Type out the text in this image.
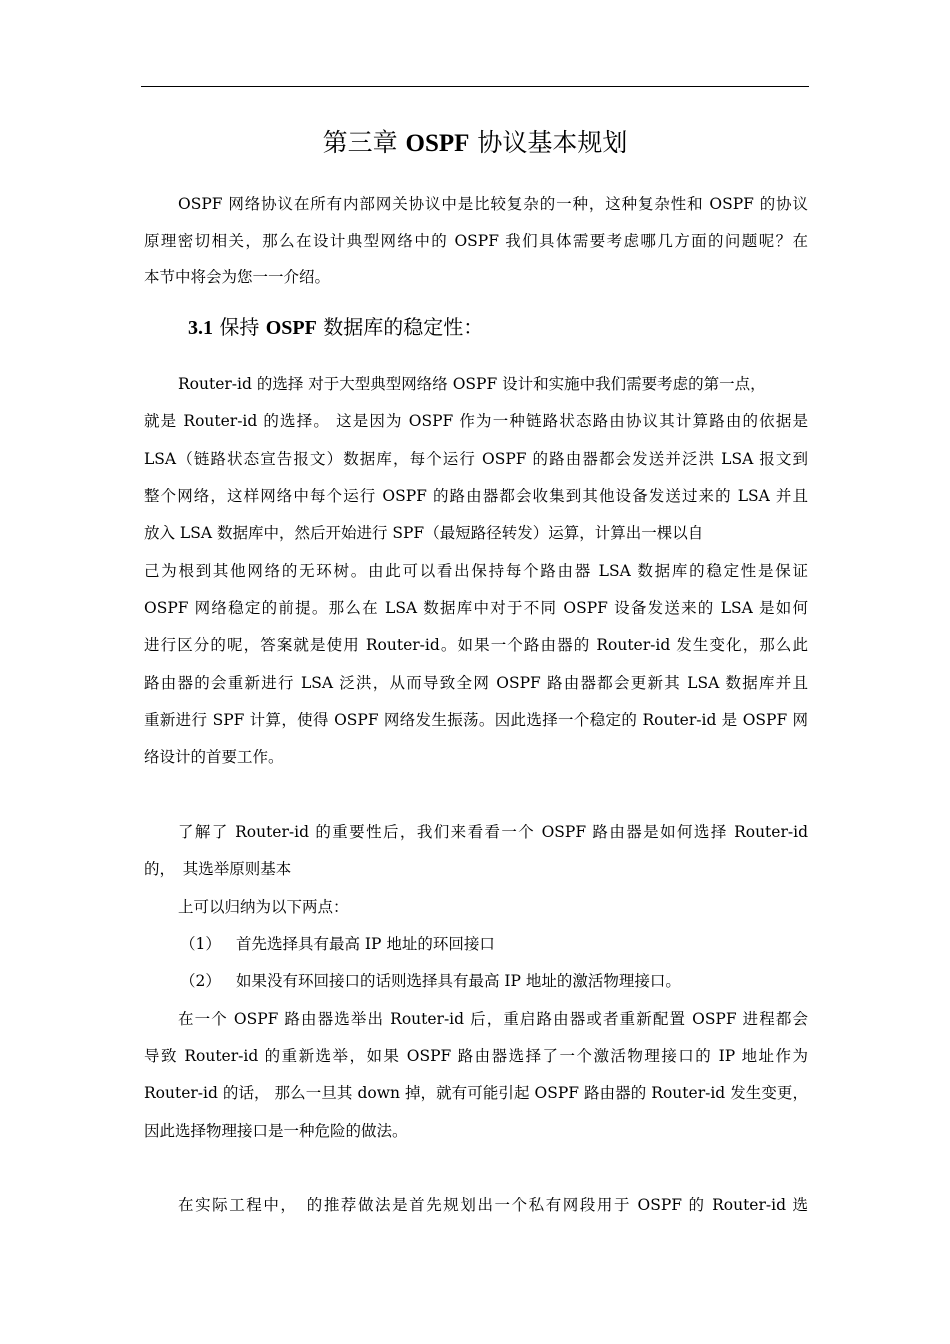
第三章 OSPF 协议基本规划
OSPF 网络协议在所有内部网关协议中是比较复杂的一种，这种复杂性和 OSPF 的协议
原理密切相关，那么在设计典型网络中的 OSPF 我们具体需要考虑哪几方面的问题呢？在
本节中将会为您一一介绍。
3.1 保持 OSPF 数据库的稳定性：
Router-id 的选择 对于大型典型网络络 OSPF 设计和实施中我们需要考虑的第一点，
就是 Router-id 的选择。 这是因为 OSPF 作为一种链路状态路由协议其计算路由的依据是
LSA（链路状态宣告报文）数据库，每个运行 OSPF 的路由器都会发送并泛洪 LSA 报文到
整个网络，这样网络中每个运行 OSPF 的路由器都会收集到其他设备发送过来的 LSA 并且
放入 LSA 数据库中，然后开始进行 SPF（最短路径转发）运算，计算出一棵以自
己为根到其他网络的无环树。由此可以看出保持每个路由器 LSA 数据库的稳定性是保证
OSPF 网络稳定的前提。那么在 LSA 数据库中对于不同 OSPF 设备发送来的 LSA 是如何
进行区分的呢，答案就是使用 Router-id。如果一个路由器的 Router-id 发生变化，那么此
路由器的会重新进行 LSA 泛洪，从而导致全网 OSPF 路由器都会更新其 LSA 数据库并且
重新进行 SPF 计算，使得 OSPF 网络发生振荡。因此选择一个稳定的 Router-id 是 OSPF 网
络设计的首要工作。
了解了 Router-id 的重要性后，我们来看看一个 OSPF 路由器是如何选择 Router-id
的，　其选举原则基本
上可以归纳为以下两点：
（1） 首先选择具有最高 IP 地址的环回接口
（2） 如果没有环回接口的话则选择具有最高 IP 地址的激活物理接口。
在一个 OSPF 路由器选举出 Router-id 后，重启路由器或者重新配置 OSPF 进程都会
导致 Router-id 的重新选举，如果 OSPF 路由器选择了一个激活物理接口的 IP 地址作为
Router-id 的话， 那么一旦其 down 掉，就有可能引起 OSPF 路由器的 Router-id 发生变更，
因此选择物理接口是一种危险的做法。
在实际工程中，　的推荐做法是首先规划出一个私有网段用于 OSPF 的 Router-id 选
